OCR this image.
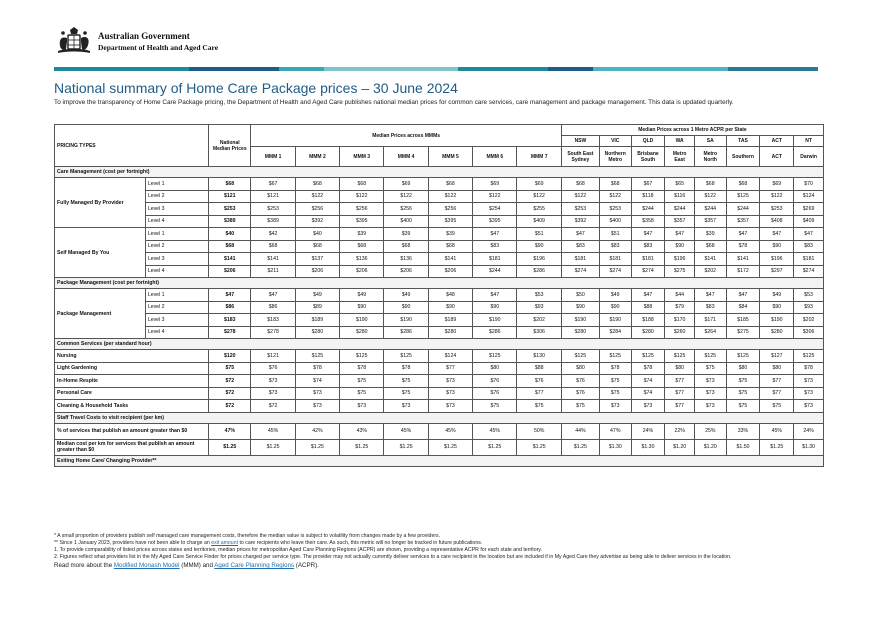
Australian Government
Department of Health and Aged Care
National summary of Home Care Package prices – 30 June 2024

To improve the transparency of Home Care Package pricing, the Department of Health and Aged Care publishes national median prices for common care services, care management and package management. This data is updated quarterly.

PRICING TYPES		National Median Prices	Median Prices across MMMs							Median Prices across 1 Metro ACPR per State							
										NSW	VIC	QLD	WA	SA	TAS	ACT	NT
			MMM 1	MMM 2	MMM 3	MMM 4	MMM 5	MMM 6	MMM 7	South East Sydney	Northern Metro	Brisbane South	Metro East	Metro North	Southern	ACT	Darwin
Care Management (cost per fortnight)																	
Fully Managed By Provider	Level 1	$68	$67	$68	$68	$69	$68	$69	$69	$68	$68	$67	$65	$68	$68	$69	$70
	Level 2	$121	$121	$122	$122	$122	$122	$122	$122	$122	$122	$118	$116	$122	$125	$122	$124
	Level 3	$253	$253	$256	$256	$256	$256	$254	$255	$253	$253	$244	$244	$244	$244	$253	$269
	Level 4	$389	$389	$392	$395	$400	$395	$395	$409	$392	$400	$358	$357	$357	$357	$408	$409
Self Managed By You	Level 1	$40	$42	$40	$39	$39	$39	$47	$51	$47	$51	$47	$47	$39	$47	$47	$47
	Level 2	$68	$68	$68	$68	$68	$68	$83	$90	$83	$83	$83	$90	$68	$78	$90	$83
	Level 3	$141	$141	$137	$136	$136	$141	$181	$196	$181	$181	$181	$196	$141	$141	$196	$181
	Level 4	$206	$211	$206	$206	$206	$206	$244	$286	$274	$274	$274	$275	$202	$172	$297	$274
Package Management (cost per fortnight)																	
Package Management	Level 1	$47	$47	$49	$49	$49	$48	$47	$53	$50	$49	$47	$44	$47	$47	$49	$53
	Level 2	$86	$86	$89	$90	$90	$90	$90	$93	$90	$90	$88	$79	$83	$84	$90	$93
	Level 3	$183	$183	$189	$190	$190	$189	$190	$202	$190	$190	$188	$170	$171	$185	$190	$202
	Level 4	$278	$278	$280	$280	$286	$280	$286	$306	$280	$284	$280	$260	$264	$275	$280	$306
Common Services (per standard hour)																	
Nursing		$120	$121	$125	$125	$125	$124	$125	$130	$125	$125	$125	$125	$125	$125	$127	$125
Light Gardening		$75	$76	$78	$78	$78	$77	$80	$88	$80	$78	$78	$80	$75	$80	$80	$78
In-Home Respite		$72	$73	$74	$75	$75	$73	$76	$76	$76	$75	$74	$77	$73	$75	$77	$73
Personal Care		$72	$73	$73	$75	$75	$73	$76	$77	$76	$75	$74	$77	$73	$75	$77	$73
Cleaning & Household Tasks		$72	$72	$73	$73	$73	$73	$75	$75	$75	$73	$73	$77	$73	$75	$75	$73
Staff Travel Costs to visit recipient (per km)																	
% of services that publish an amount greater than $0		47%	45%	42%	43%	45%	45%	45%	50%	44%	47%	24%	22%	25%	33%	45%	24%
Median cost per km for services that publish an amount greater than $0		$1.25	$1.25	$1.25	$1.25	$1.25	$1.25	$1.25	$1.25	$1.25	$1.30	$1.30	$1.20	$1.20	$1.50	$1.25	$1.30
Exiting Home Care/ Changing Provider**																	
* A small proportion of providers publish self managed care management costs, therefore the median value is subject to volatility from changes made by a few providers.
** Since 1 January 2023, providers have not been able to charge an exit amount to care recipients who leave their care. As such, this metric will no longer be tracked in future publications.
1. To provide comparability of listed prices across states and territories, median prices for metropolitan Aged Care Planning Regions (ACPR) are shown, providing a representative ACPR for each state and territory.
2. Figures reflect what providers list in the My Aged Care Service Finder for prices charged per service type. The provider may not actually currently deliver services to a care recipient in the location but are included if in My Aged Care they advertise as being able to deliver services in the location.
Read more about the Modified Monash Model (MMM) and Aged Care Planning Regions (ACPR).
